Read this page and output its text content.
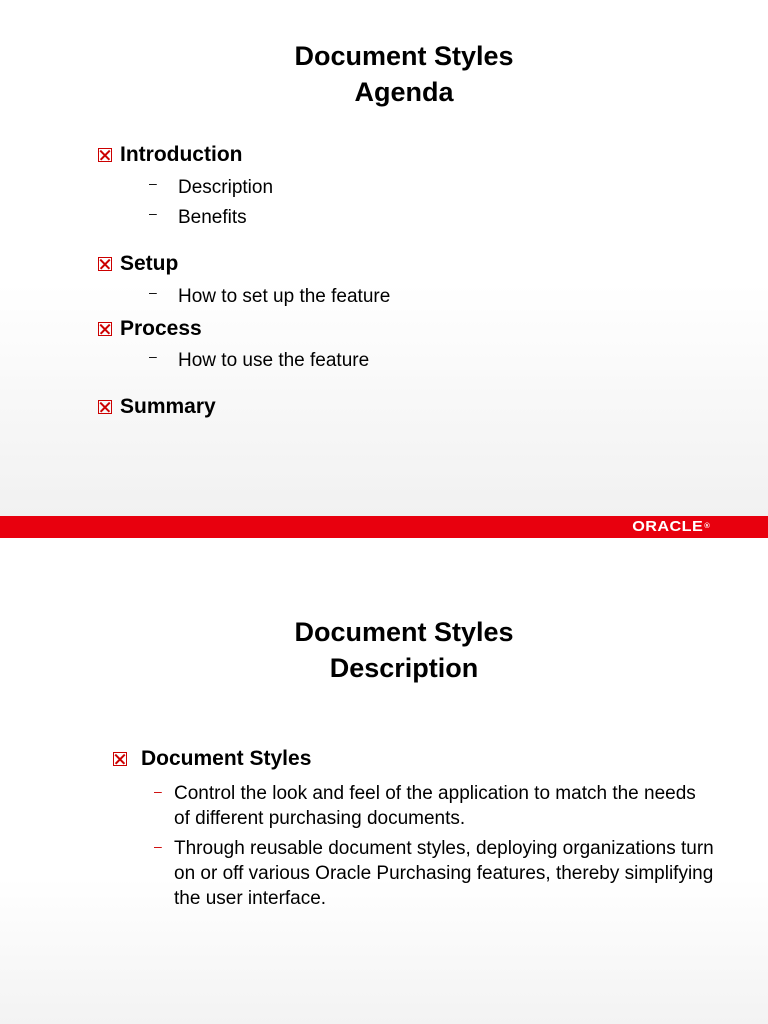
Document Styles
Agenda
Introduction
– Description
– Benefits
Setup
– How to set up the feature
Process
– How to use the feature
Summary
ORACLE®
Document Styles
Description
Document Styles
– Control the look and feel of the application to match the needs of different purchasing documents.
– Through reusable document styles, deploying organizations turn on or off various Oracle Purchasing features, thereby simplifying the user interface.
